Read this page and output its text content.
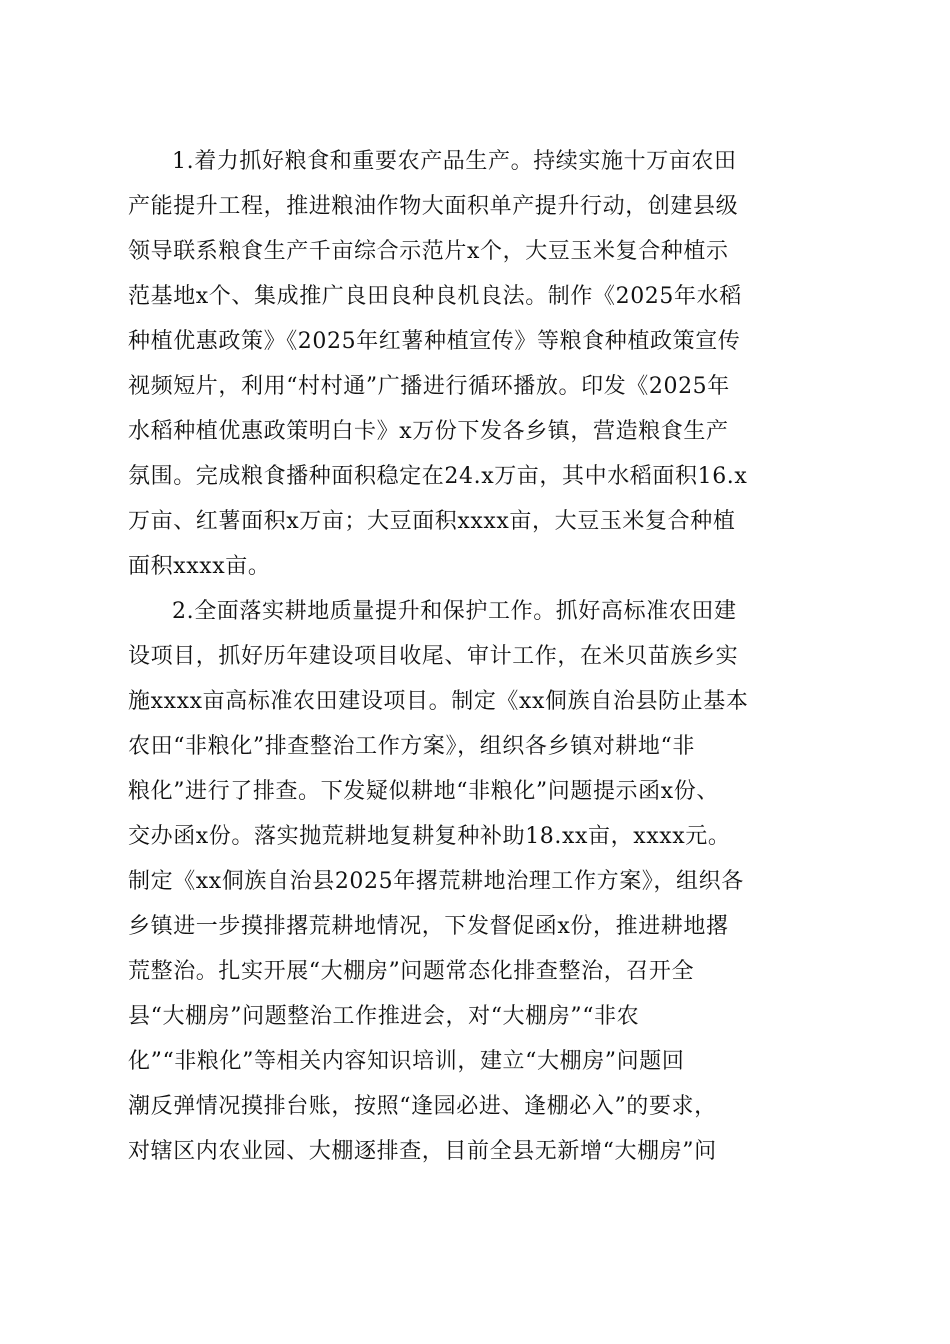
1.着力抓好粮食和重要农产品生产。持续实施十万亩农田
产能提升工程，推进粮油作物大面积单产提升行动，创建县级
领导联系粮食生产千亩综合示范片x个，大豆玉米复合种植示
范基地x个、集成推广良田良种良机良法。制作《2025年水稻
种植优惠政策》《2025年红薯种植宣传》等粮食种植政策宣传
视频短片，利用“村村通”广播进行循环播放。印发《2025年
水稻种植优惠政策明白卡》x万份下发各乡镇，营造粮食生产
氛围。完成粮食播种面积稳定在24.x万亩，其中水稻面积16.x
万亩、红薯面积x万亩；大豆面积xxxx亩，大豆玉米复合种植
面积xxxx亩。
2.全面落实耕地质量提升和保护工作。抓好高标准农田建
设项目，抓好历年建设项目收尾、审计工作，在米贝苗族乡实
施xxxx亩高标准农田建设项目。制定《xx侗族自治县防止基本
农田“非粮化”排查整治工作方案》，组织各乡镇对耕地“非
粮化”进行了排查。下发疑似耕地“非粮化”问题提示函x份、
交办函x份。落实抛荒耕地复耕复种补助18.xx亩，xxxx元。
制定《xx侗族自治县2025年撂荒耕地治理工作方案》，组织各
乡镇进一步摸排撂荒耕地情况，下发督促函x份，推进耕地撂
荒整治。扎实开展“大棚房”问题常态化排查整治，召开全
县“大棚房”问题整治工作推进会，对“大棚房”“非农
化”“非粮化”等相关内容知识培训，建立“大棚房”问题回
潮反弹情况摸排台账，按照“逢园必进、逢棚必入”的要求，
对辖区内农业园、大棚逐排查，目前全县无新增“大棚房”问
